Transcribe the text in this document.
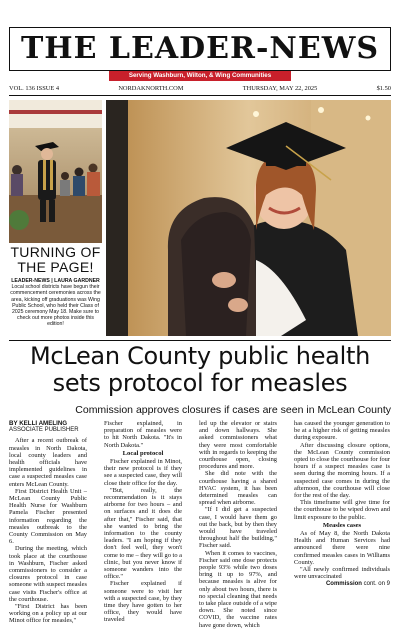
THE LEADER-NEWS
Serving Washburn, Wilton, & Wing Communities
VOL. 136 ISSUE 4	NORDAKNORTH.COM	THURSDAY, MAY 22, 2025	$1.50
TURNING OF
THE PAGE!
LEADER-NEWS | LAURA GARDNER Local school districts have begun their commencement ceremonies across the area, kicking off graduations was Wing Public School, who held their Class of 2025 ceremony May 18. Make sure to check out more photos inside this edition!
McLean County public health sets protocol for measles
Commission approves closures if cases are seen in McLean County

BY KELLI AMELING

ASSOCIATE PUBLISHER

After a recent outbreak of measles in North Dakota, local county leaders and health officials have implemented guidelines in case a suspected measles case enters McLean County.

First District Health Unit – McLean County Public Health Nurse for Washburn Pamela Fischer presented information regarding the measles outbreak to the County Commission on May 6.

During the meeting, which took place at the courthouse in Washburn, Fischer asked commissioners to consider a closures protocol in case someone with suspect measles case visits Fischer's office at the courthouse.

"First District has been working on a policy up at our Minot office for measles,"

Fischer explained, in preparation of measles were to hit North Dakota. "It's in North Dakota."

Local protocol

Fischer explained in Minot, their new protocol is if they see a suspected case, they will close their office for the day.

"But, really, the recommendation is it stays airborne for two hours – and on surfaces and it does die after that," Fischer said, that she wanted to bring the information to the county leaders. "I am hoping if they don't feel well, they won't come to me – they will go to a clinic, but you never know if someone wanders into the office."

Fischer explained if someone were to visit her with a suspected case, by they time they have gotten to her office, they would have traveled

led up the elevator or stairs and down hallways. She asked commissioners what they were most comfortable with in regards to keeping the courthouse open, closing procedures and more.

She did note with the courthouse having a shared HVAC system, it has been determined measles can spread when airborne.

"If I did get a suspected case, I would have them go out the back, but by then they would have traveled throughout half the building," Fischer said.

When it comes to vaccines, Fischer said one dose protects people 93% while two doses bring it up to 97%, and because measles is alive for only about two hours, there is no special cleaning that needs to take place outside of a wipe down. She noted since COVID, the vaccine rates have gone down, which

has caused the younger generation to be at a higher risk of getting measles during exposure.

After discussing closure options, the McLean County commission opted to close the courthouse for four hours if a suspect measles case is seen during the morning hours. If a suspected case comes in during the afternoon, the courthouse will close for the rest of the day.

This timeframe will give time for the courthouse to be wiped down and limit exposure to the public.

Measles cases

As of May 8, the North Dakota Health and Human Services had announced there were nine confirmed measles cases in Williams County.

"All newly confirmed individuals were unvaccinated

Commission cont. on 9
